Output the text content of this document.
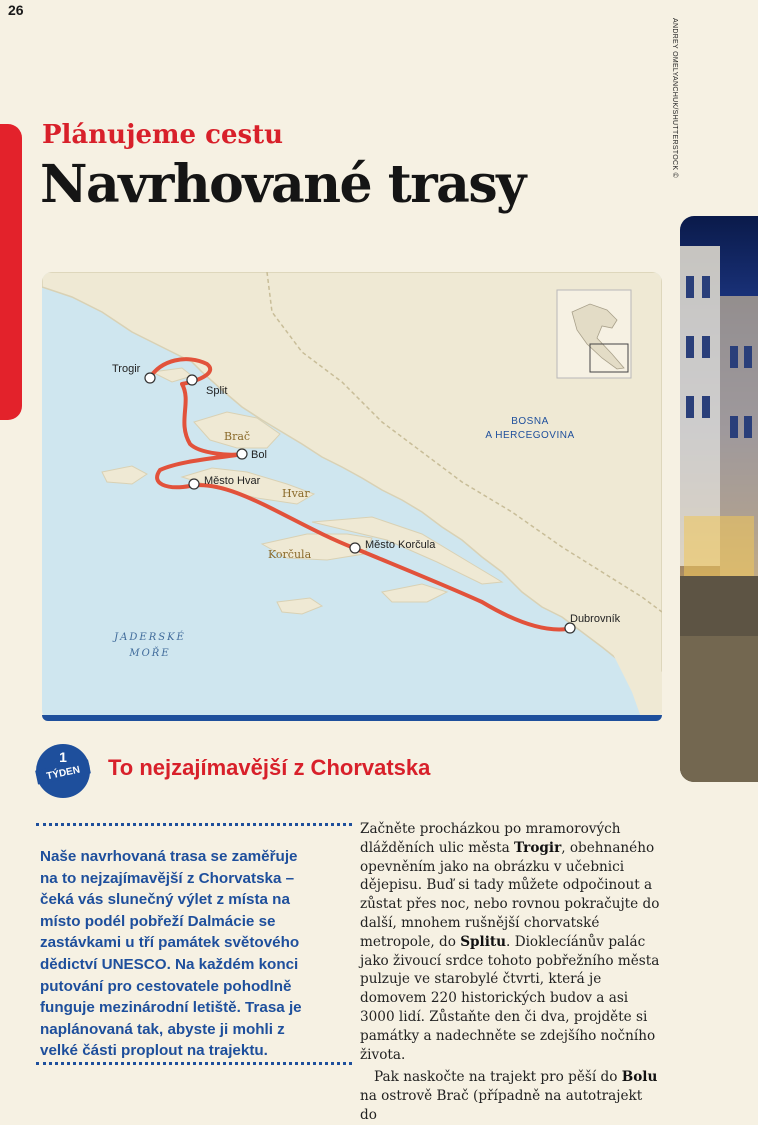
26
Plánujeme cestu
Navrhované trasy
ANDREY OMELYANCHUK/SHUTTERSTOCK ©
Trogir
Split
Bol
Město Hvar
Město Korčula
Dubrovník
Brač
Hvar
Korčula
BOSNA
A HERCEGOVINA
JADERSKÉ
MOŘE
1
TÝDEN To nejzajímavější z Chorvatska
Naše navrhovaná trasa se zaměřuje na to nejzajímavější z Chorvatska – čeká vás slunečný výlet z místa na místo podél pobřeží Dalmácie se zastávkami u tří památek světového dědictví UNESCO. Na každém konci putování pro cestovatele pohodlně funguje mezinárodní letiště. Trasa je naplánovaná tak, abyste ji mohli z velké části proplout na trajektu.

Začněte procházkou po mramorových dlážděních ulic města Trogir, obehnaného opevněním jako na obrázku v učebnici dějepisu. Buď si tady můžete odpočinout a zůstat přes noc, nebo rovnou pokračujte do další, mnohem rušnější chorvatské metropole, do Splitu. Dioklecíánův palác jako živoucí srdce tohoto pobřežního města pulzuje ve starobylé čtvrti, která je domovem 220 historických budov a asi 3000 lidí. Zůstaňte den či dva, projděte si památky a nadechněte se zdejšího nočního života.

Pak naskočte na trajekt pro pěší do Bolu na ostrově Brač (případně na autotrajekt do
